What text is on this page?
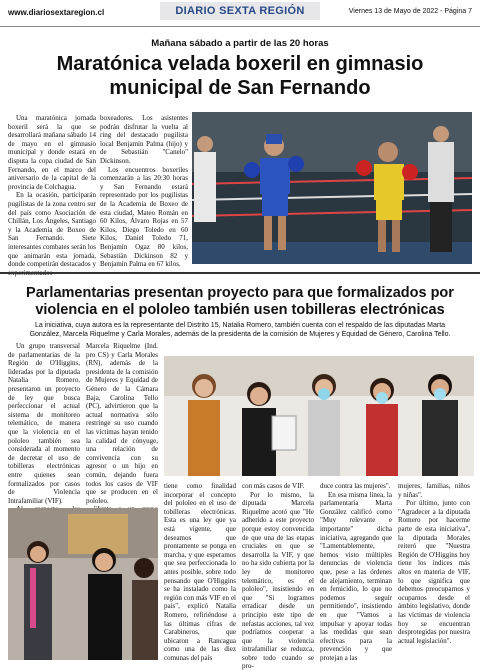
www.diariosextaregion.cl	DIARIO SEXTA REGIÓN	Viernes 13 de Mayo de 2022 - Página 7
Mañana sábado a partir de las 20 horas
Maratónica velada boxeril en gimnasio municipal de San Fernando

Una maratónica jornada boxeril será la que se desarrollará mañana sábado 14 de mayo en el gimnasio municipal y donde estará en disputa la copa ciudad de San Fernando, en el marco del aniversario de la capital de la provincia de Colchagua.

En la ocasión, participarán pugilistas de la zona centro sur del país como Asociación de Chillán, Los Ángeles, Santiago y la Academia de Boxeo de San Fernando. Siete interesantes combates serán los que animarán esta jornada, donde competirán destacados y experimentados

boxeadores. Los asistentes podrán disfrutar la vuelta al ring del destacado pugilista local Benjamín Palma (hijo) y de Sebastián "Canelo" Dickinson.

Los encuentros boxeriles comenzarán a las 20:30 horas y San Fernando estará representado por los pugilistas de la Academia de Boxeo de esta ciudad, Mateo Román en 60 Kilos, Álvaro Rojas en 57 Kilos, Diego Toledo en 60 Kilos, Daniel Toledo 71, Benjamín Ogaz 80 kilos, Sebastián Dickinson 82 y Benjamín Palma en 67 kilos.

Parlamentarias presentan proyecto para que formalizados por violencia en el pololeo también usen tobilleras electrónicas
La iniciativa, cuya autora es la representante del Distrito 15, Natalia Romero, también cuenta con el respaldo de las diputadas Marta González, Marcela Riquelme y Carla Morales, además de la presidenta de la comisión de Mujeres y Equidad de Género, Carolina Tello.

Un grupo transversal de parlamentarias de la Región de O'Higgins, lideradas por la diputada Natalia Romero, presentaron un proyecto de ley que busca perfeccionar el actual sistema de monitoreo telemático, de manera que la violencia en el pololeo también sea considerada al momento de decretar el uso de tobilleras electrónicas entre quienes sean formalizados por casos de Violencia Intrafamiliar (VIF).

Marcela Riquelme (Ind. pro CS) y Carla Morales (RN), además de la presidenta de la comisión de Mujeres y Equidad de Género de la Cámara Baja, Carolina Tello (PC), advirtieron que la actual normativa sólo restringe su uso cuando las víctimas hayan tenido la calidad de cónyuge, una relación de convivencia con su agresor o un hijo en común, dejando fuera todos los casos de VIF que se producen en el pololeo.

tiene como finalidad incorporar el concepto del pololeo en el uso de tobilleras electrónicas. Esta es una ley que ya está vigente, que deseamos que prontamente se ponga en marcha, y que esperamos que sea perfeccionada lo antes posible, sobre todo pensando que O'Higgins se ha instalado como la región con más VIF en el país", explicó Natalia Romero, refiriéndose a las últimas cifras de Carabineros, que ubicaron a Rancagua como una de las diez comunas del país

con más casos de VIF.

Por lo mismo, la diputada Marcela Riquelme acotó que "He adherido a este proyecto porque estoy convencida de que una de las etapas cruciales en que se desarrolla la VIF, y que no ha sido cubierta por la ley de monitoreo telemático, es el pololeo", insistiendo en que "Si logramos erradicar desde un principio este tipo de nefastas acciones, tal vez podríamos cooperar a que la violencia intrafamiliar se reduzca, sobre todo cuando se pro-

duce contra las mujeres".

En esa misma línea, la parlamentaria Marta González calificó como "Muy relevante e importante" dicha iniciativa, agregando que "Lamentablemente, hemos visto múltiples denuncias de violencia que, pese a las órdenes de alejamiento, terminan en femicidio, lo que no podemos seguir permitiendo", insistiendo en que "Vamos a impulsar y apoyar todas las medidas que sean efectivas para la prevención y que protejan a las

mujeres, familias, niños y niñas".

Por último, junto con "Agradecer a la diputada Romero por hacerme parte de esta iniciativa", la diputada Morales reiteró que "Nuestra Región de O'Higgins hoy tiene los índices más altos en materia de VIF, lo que significa que debemos preocuparnos y ocuparnos desde el ámbito legislativo, donde las víctimas de violencia hoy se encuentran desprotegidas por nuestra actual legislación".
